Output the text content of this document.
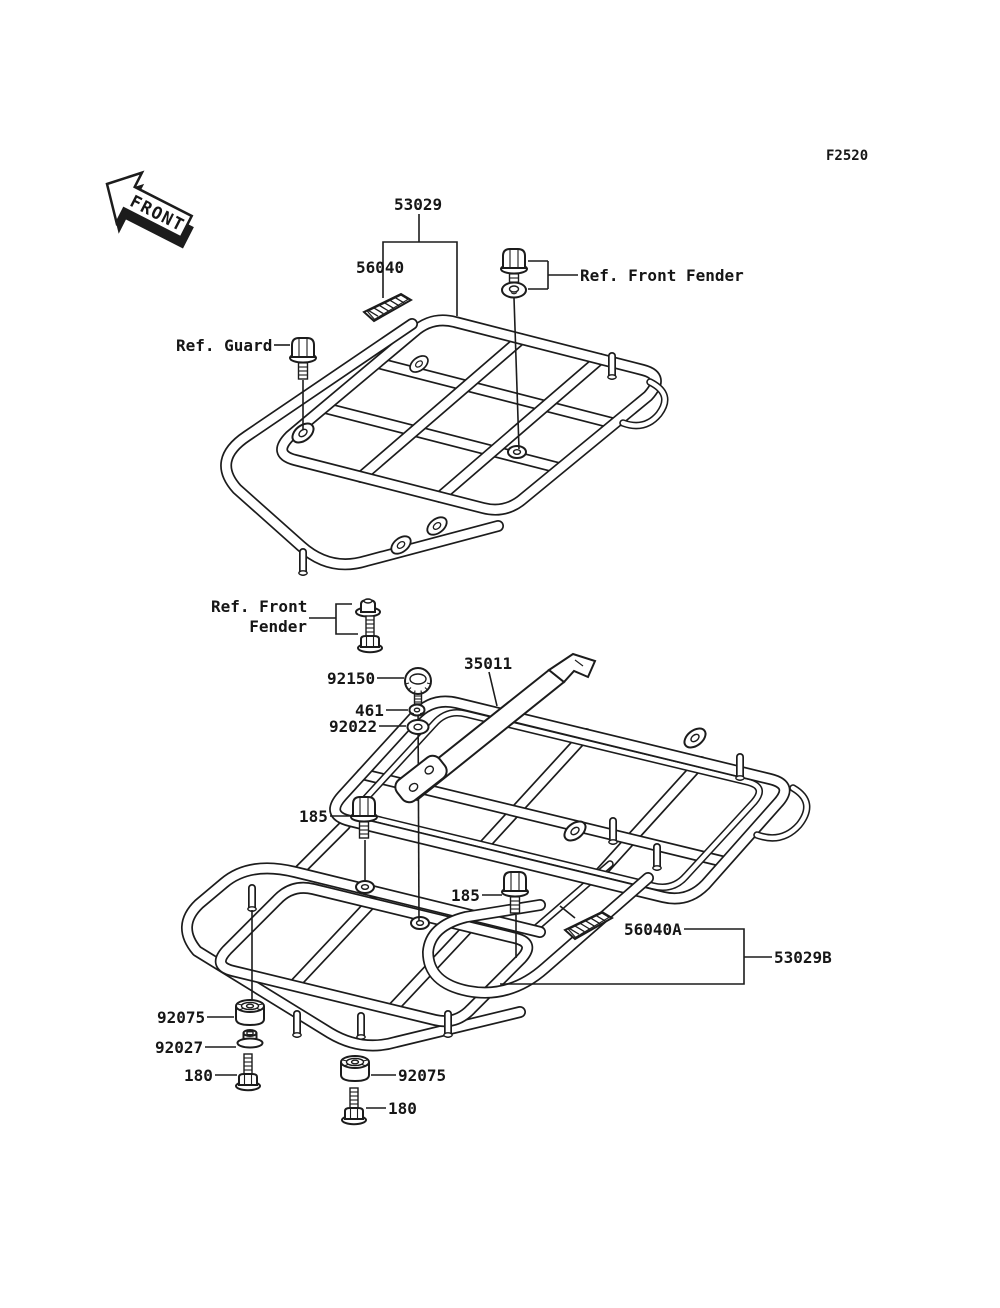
FRONT
F2520
53029
56040	Ref. Front Fender
Ref. Guard
Ref. Front
Fender
92150
461
92022
35011
185
185
56040A
53029B
92075
92027
180	92075
180
